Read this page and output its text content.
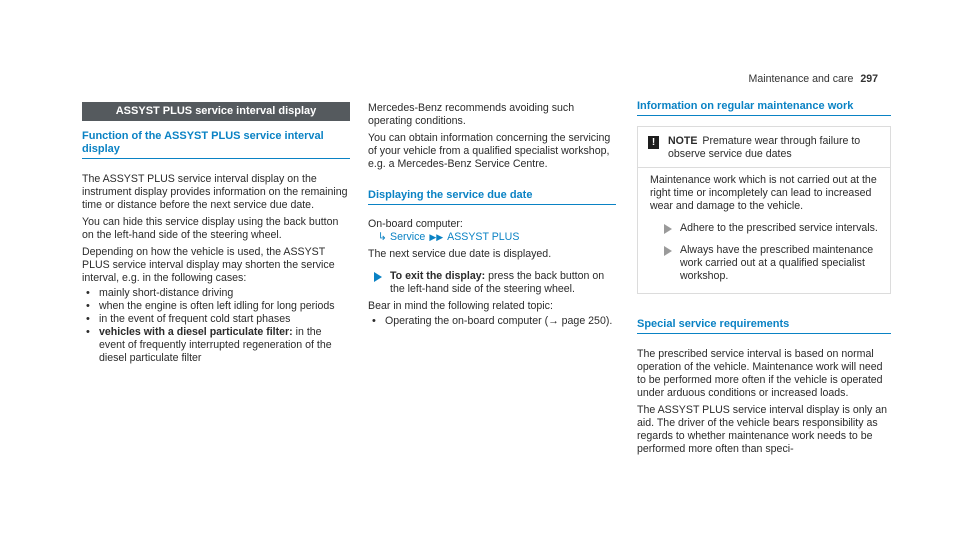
Maintenance and care 297
ASSYST PLUS service interval display
Function of the ASSYST PLUS service interval display

The ASSYST PLUS service interval display on the instrument display provides information on the remaining time or distance before the next service due date.

You can hide this service display using the back button on the left-hand side of the steering wheel.

Depending on how the vehicle is used, the ASSYST PLUS service interval display may shorten the service interval, e.g. in the following cases:

• mainly short-distance driving
• when the engine is often left idling for long periods
• in the event of frequent cold start phases
• vehicles with a diesel particulate filter: in the event of frequently interrupted regeneration of the diesel particulate filter

Mercedes-Benz recommends avoiding such operating conditions.

You can obtain information concerning the servicing of your vehicle from a qualified specialist workshop, e.g. a Mercedes-Benz Service Centre.

Displaying the service due date

On-board computer:

↳ Service ▶▶ ASSYST PLUS

The next service due date is displayed.

To exit the display: press the back button on the left-hand side of the steering wheel.

Bear in mind the following related topic:

• Operating the on-board computer (→ page 250).
Information on regular maintenance work
!	NOTE Premature wear through failure to observe service due dates

Maintenance work which is not carried out at the right time or incompletely can lead to increased wear and damage to the vehicle.

Adhere to the prescribed service intervals.
Always have the prescribed maintenance work carried out at a qualified specialist workshop.
Special service requirements

The prescribed service interval is based on normal operation of the vehicle. Maintenance work will need to be performed more often if the vehicle is operated under arduous conditions or increased loads.

The ASSYST PLUS service interval display is only an aid. The driver of the vehicle bears responsibility as regards to whether maintenance work needs to be performed more often than speci-
